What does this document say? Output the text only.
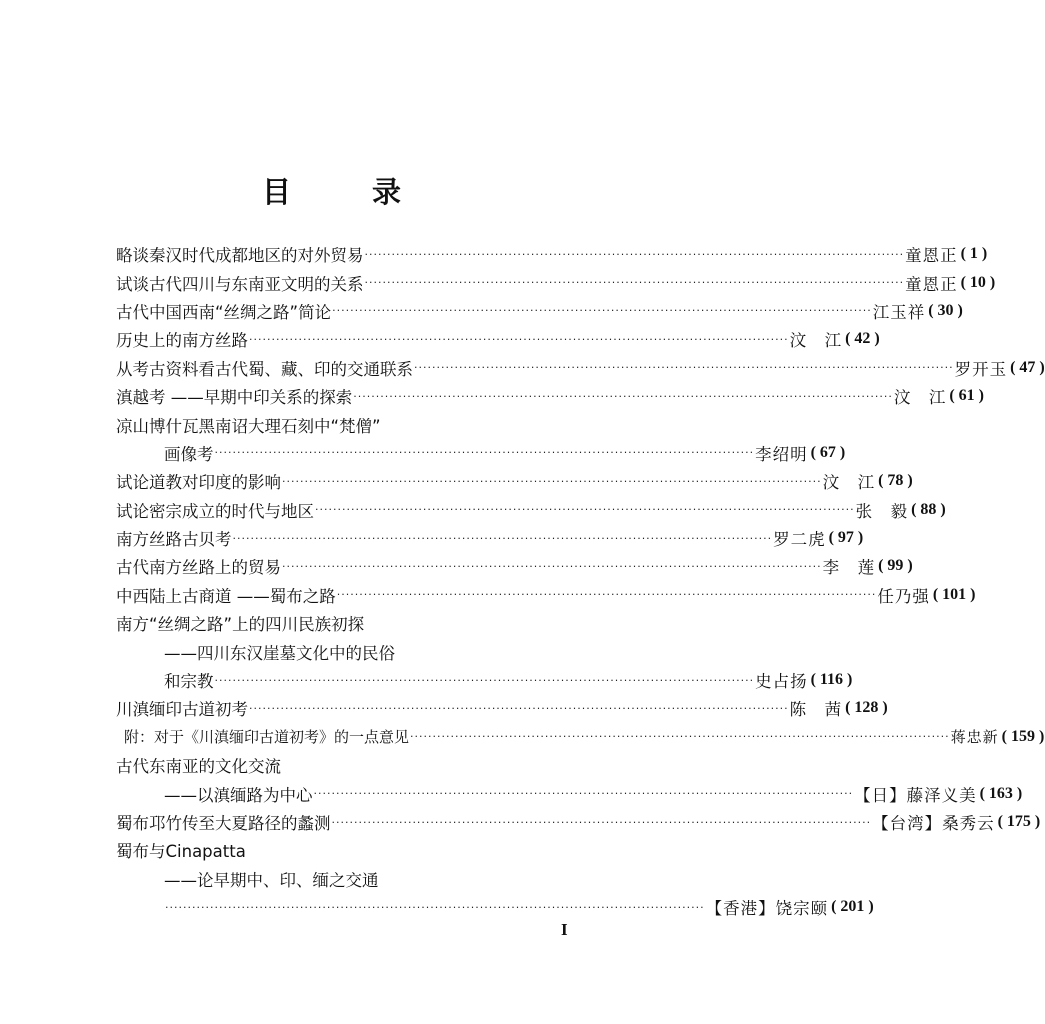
目	录
略谈秦汉时代成都地区的对外贸易 ························································································································ 童恩正 ( 1 )
试谈古代四川与东南亚文明的关系 ························································································································ 童恩正 ( 10 )
古代中国西南“丝绸之路”简论 ························································································································ 江玉祥 ( 30 )
历史上的南方丝路 ························································································································ 汶　江 ( 42 )
从考古资料看古代蜀、藏、印的交通联系 ························································································································ 罗开玉 ( 47 )
滇越考 ——早期中印关系的探索 ························································································································ 汶　江 ( 61 )
凉山博什瓦黑南诏大理石刻中“梵僧”
画像考 ························································································································ 李绍明 ( 67 )
试论道教对印度的影响 ························································································································ 汶　江 ( 78 )
试论密宗成立的时代与地区 ························································································································ 张　毅 ( 88 )
南方丝路古贝考 ························································································································ 罗二虎 ( 97 )
古代南方丝路上的贸易 ························································································································ 李　莲 ( 99 )
中西陆上古商道 ——蜀布之路 ························································································································ 任乃强 ( 101 )
南方“丝绸之路”上的四川民族初探
——四川东汉崖墓文化中的民俗
和宗教 ························································································································ 史占扬 ( 116 )
川滇缅印古道初考 ························································································································ 陈　茜 ( 128 )
附：对于《川滇缅印古道初考》的一点意见 ························································································································ 蒋忠新 ( 159 )
古代东南亚的文化交流
——以滇缅路为中心 ························································································································ 【日】藤泽义美 ( 163 )
蜀布邛竹传至大夏路径的蠡测 ························································································································ 【台湾】桑秀云 ( 175 )
蜀布与Cinapatta
——论早期中、印、缅之交通
························································································································ 【香港】饶宗颐 ( 201 )
I
